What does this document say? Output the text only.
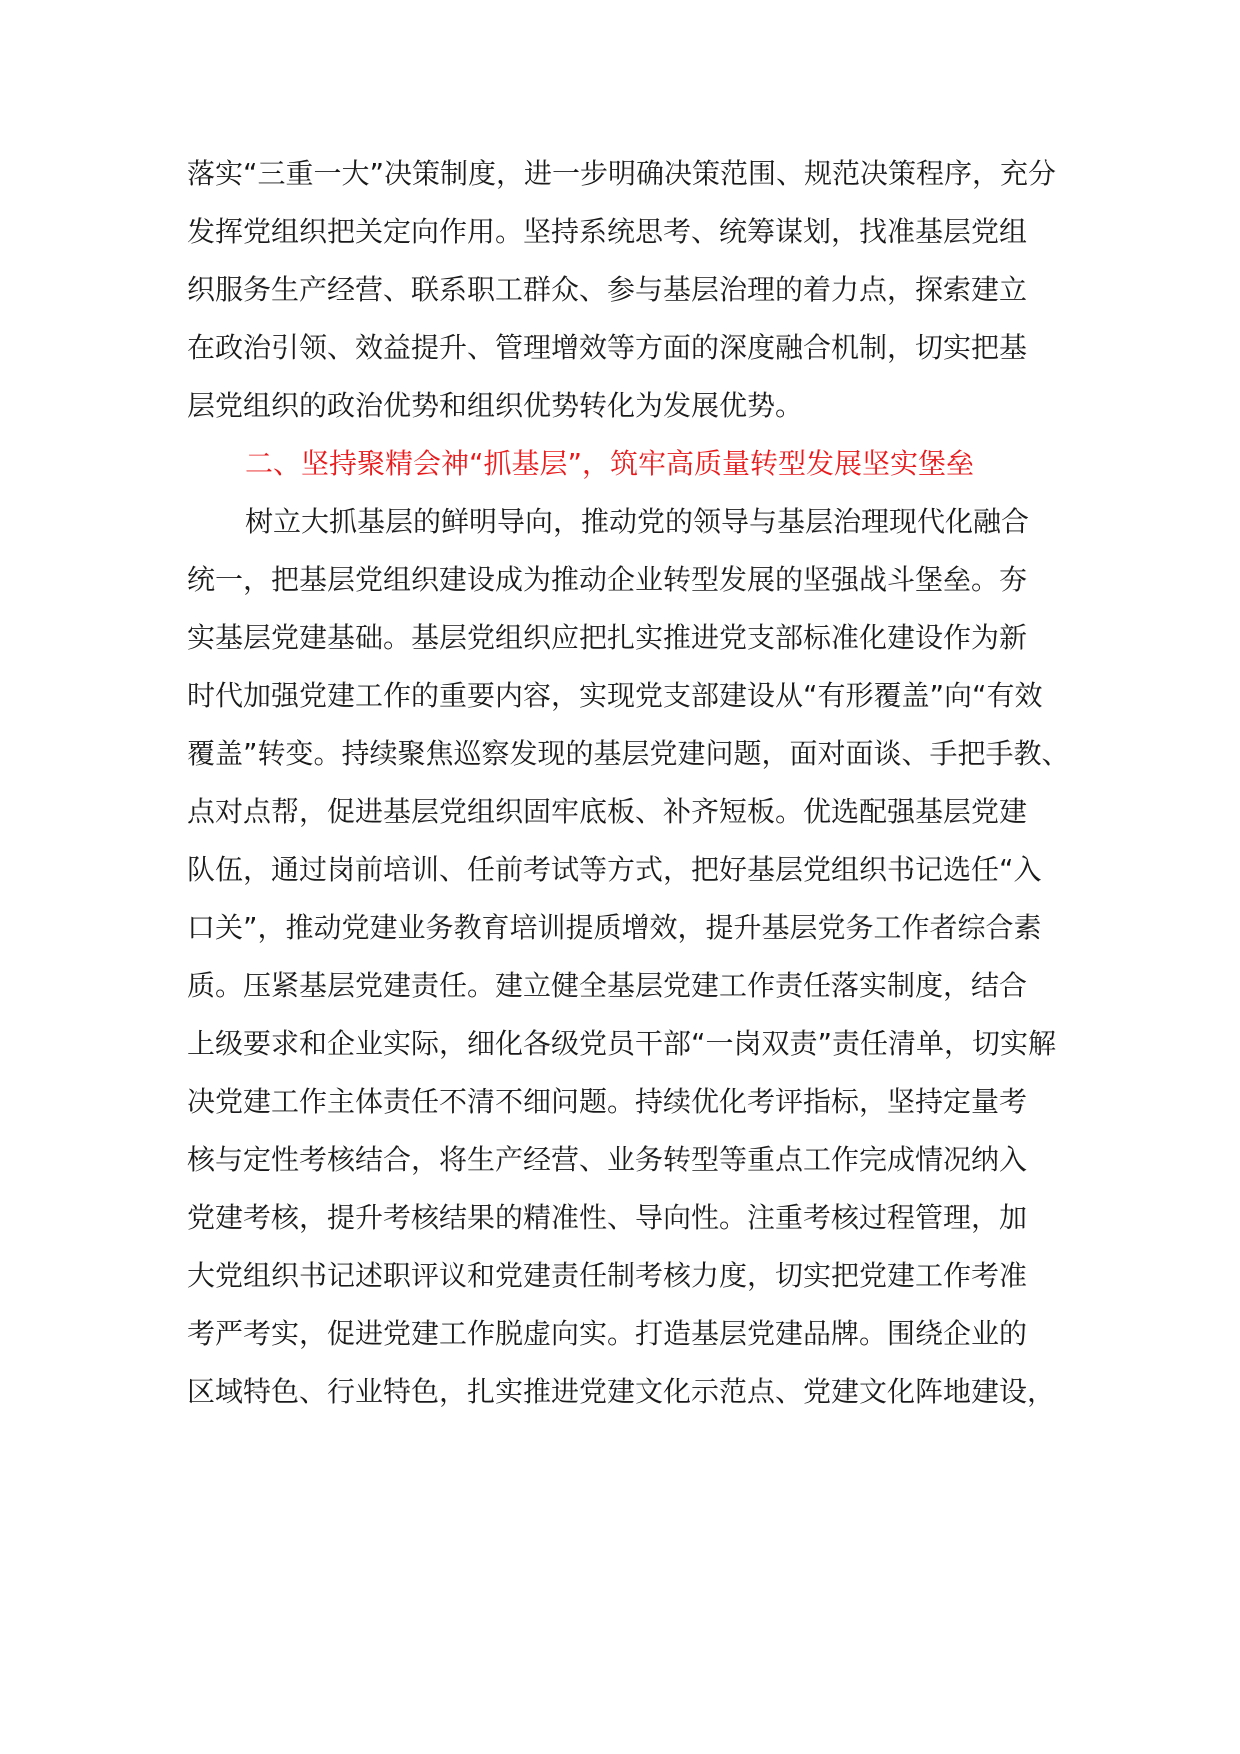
落实“三重一大”决策制度，进一步明确决策范围、规范决策程序，充分
发挥党组织把关定向作用。坚持系统思考、统筹谋划，找准基层党组
织服务生产经营、联系职工群众、参与基层治理的着力点，探索建立
在政治引领、效益提升、管理增效等方面的深度融合机制，切实把基
层党组织的政治优势和组织优势转化为发展优势。
二、坚持聚精会神“抓基层”，筑牢高质量转型发展坚实堡垒
树立大抓基层的鲜明导向，推动党的领导与基层治理现代化融合
统一，把基层党组织建设成为推动企业转型发展的坚强战斗堡垒。夯
实基层党建基础。基层党组织应把扎实推进党支部标准化建设作为新
时代加强党建工作的重要内容，实现党支部建设从“有形覆盖”向“有效
覆盖”转变。持续聚焦巡察发现的基层党建问题，面对面谈、手把手教、
点对点帮，促进基层党组织固牢底板、补齐短板。优选配强基层党建
队伍，通过岗前培训、任前考试等方式，把好基层党组织书记选任“入
口关”，推动党建业务教育培训提质增效，提升基层党务工作者综合素
质。压紧基层党建责任。建立健全基层党建工作责任落实制度，结合
上级要求和企业实际，细化各级党员干部“一岗双责”责任清单，切实解
决党建工作主体责任不清不细问题。持续优化考评指标，坚持定量考
核与定性考核结合，将生产经营、业务转型等重点工作完成情况纳入
党建考核，提升考核结果的精准性、导向性。注重考核过程管理，加
大党组织书记述职评议和党建责任制考核力度，切实把党建工作考准
考严考实，促进党建工作脱虚向实。打造基层党建品牌。围绕企业的
区域特色、行业特色，扎实推进党建文化示范点、党建文化阵地建设，
